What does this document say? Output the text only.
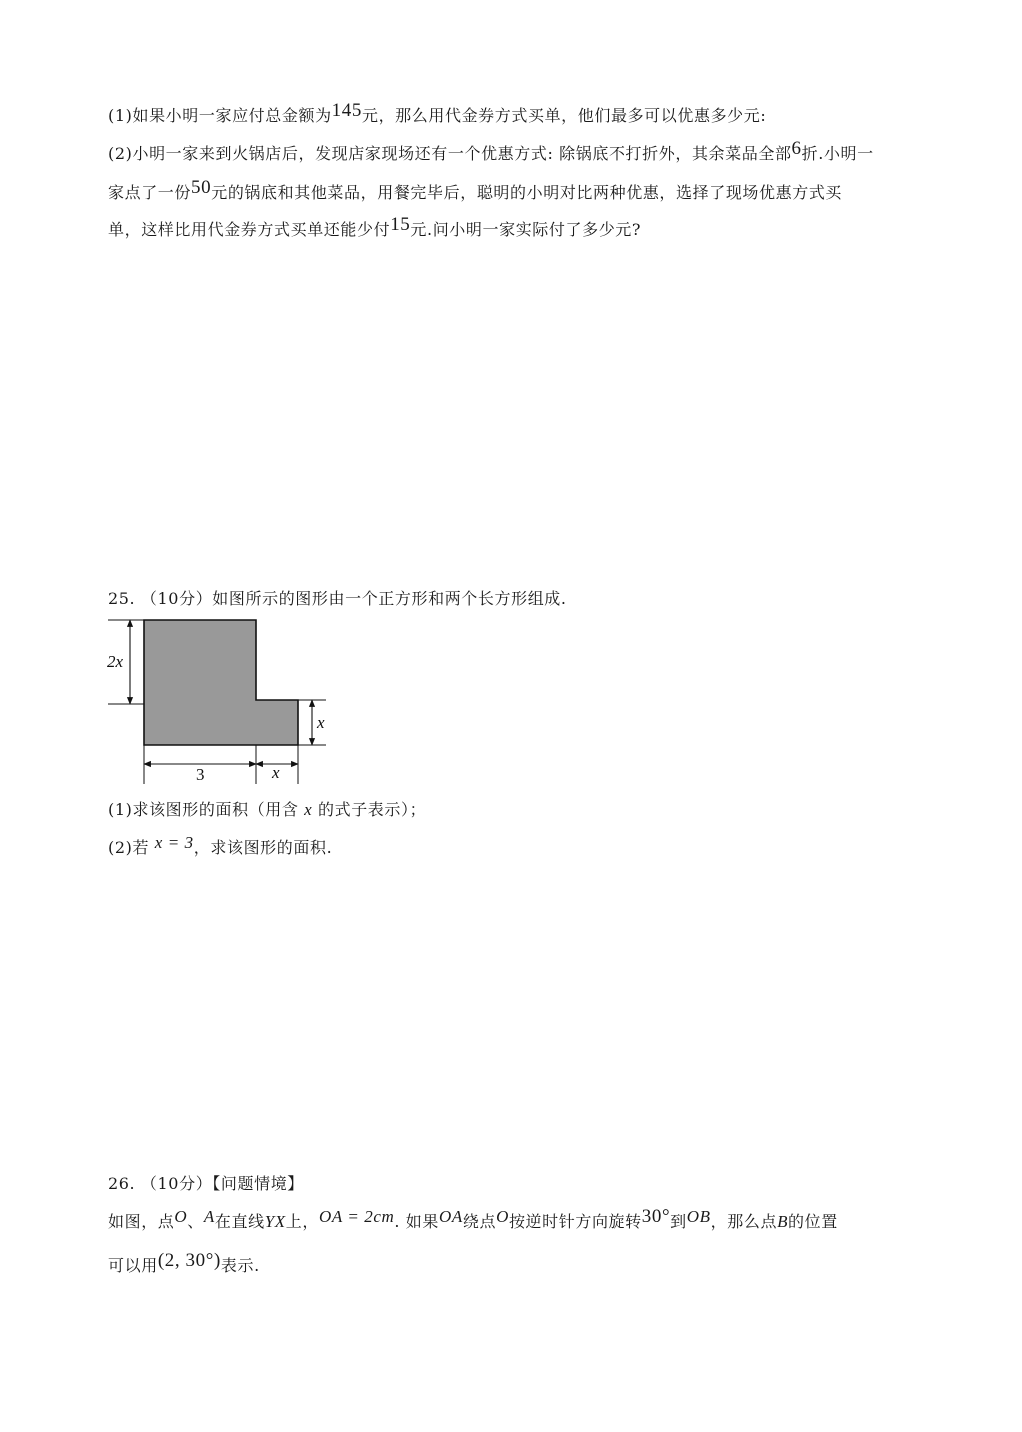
(1)如果小明一家应付总金额为145元，那么用代金券方式买单，他们最多可以优惠多少元:
(2)小明一家来到火锅店后，发现店家现场还有一个优惠方式: 除锅底不打折外，其余菜品全部6折.小明一
家点了一份50元的锅底和其他菜品，用餐完毕后，聪明的小明对比两种优惠，选择了现场优惠方式买
单，这样比用代金券方式买单还能少付15元.问小明一家实际付了多少元?
25. （10分）如图所示的图形由一个正方形和两个长方形组成.
2x
x
3	x
(1)求该图形的面积（用含 x 的式子表示）；
(2)若 x = 3，求该图形的面积.
26. （10分）【问题情境】
如图，点O、A在直线YX上，OA = 2cm. 如果OA绕点O按逆时针方向旋转30°到OB，那么点B的位置
可以用(2, 30°)表示.
